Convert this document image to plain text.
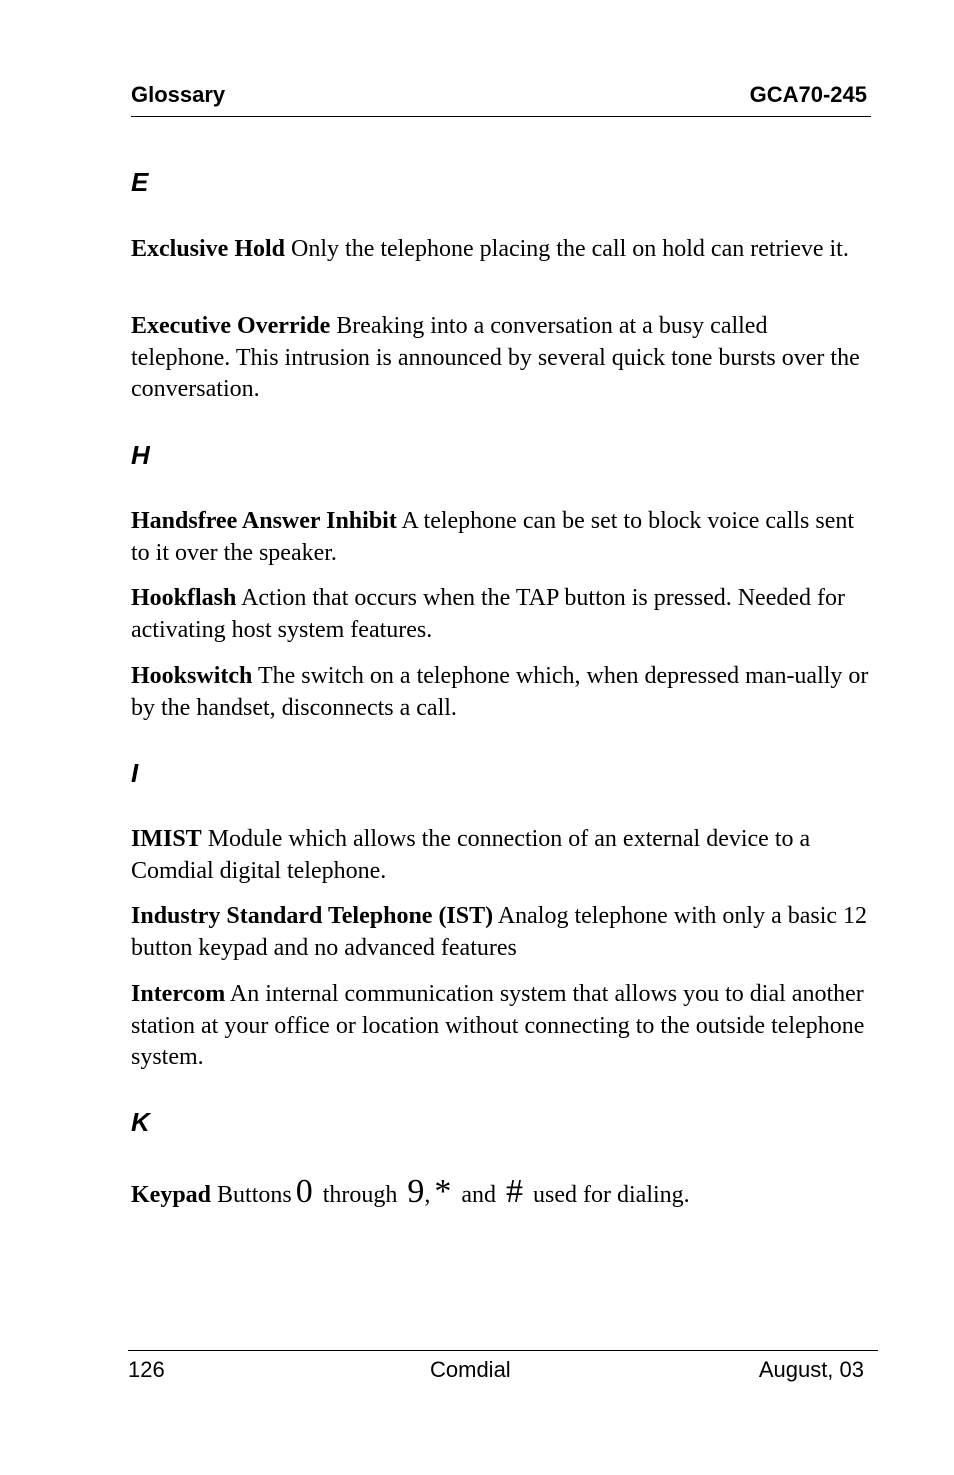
Glossary	GCA70-245
E
Exclusive Hold Only the telephone placing the call on hold can retrieve it.
Executive Override Breaking into a conversation at a busy called telephone. This intrusion is announced by several quick tone bursts over the conversation.
H
Handsfree Answer Inhibit A telephone can be set to block voice calls sent to it over the speaker.
Hookflash Action that occurs when the TAP button is pressed. Needed for activating host system features.
Hookswitch The switch on a telephone which, when depressed man-ually or by the handset, disconnects a call.
I
IMIST Module which allows the connection of an external device to a Comdial digital telephone.
Industry Standard Telephone (IST) Analog telephone with only a basic 12 button keypad and no advanced features
Intercom An internal communication system that allows you to dial another station at your office or location without connecting to the outside telephone system.
K
Keypad Buttons 0 through 9, * and # used for dialing.
126	Comdial	August, 03
